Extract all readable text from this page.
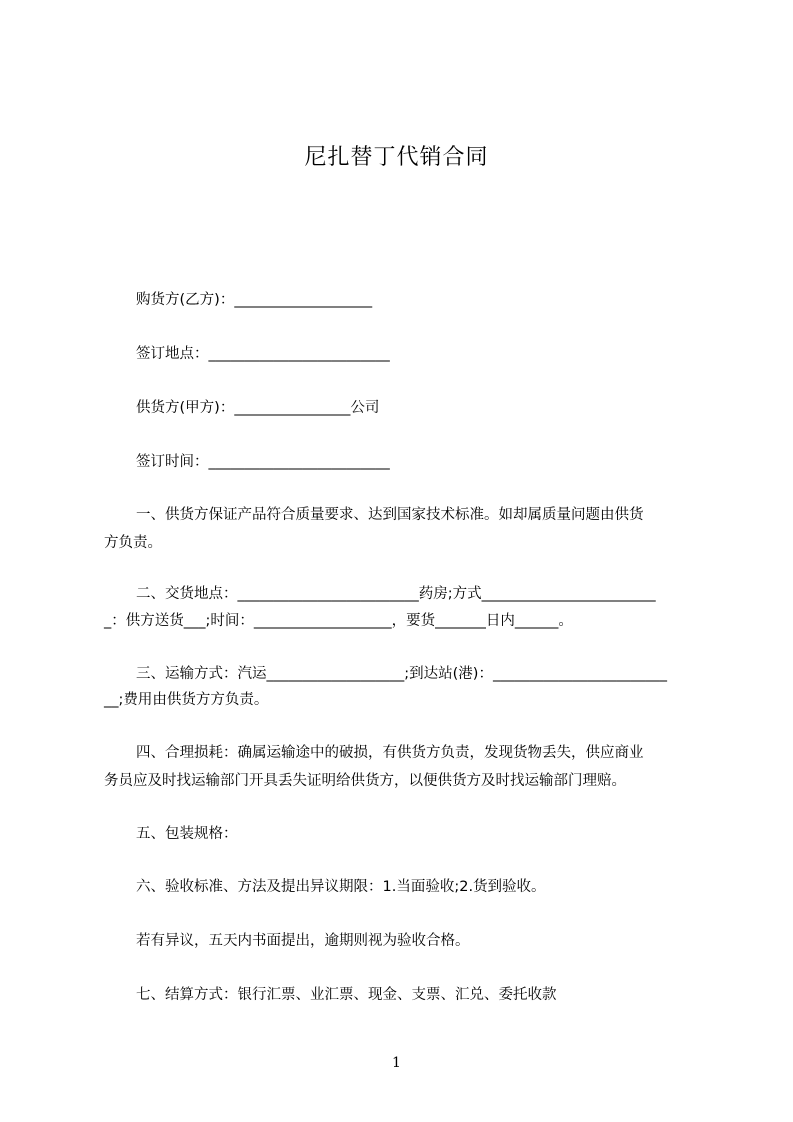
尼扎替丁代销合同
购货方(乙方)：___________________
签订地点：_________________________
供货方(甲方)：________________公司
签订时间：_________________________
一、供货方保证产品符合质量要求、达到国家技术标准。如却属质量问题由供货
方负责。
二、交货地点：_________________________药房;方式________________________
_：供方送货___;时间：___________________，要货_______日内______。
三、运输方式：汽运___________________;到达站(港)：________________________
__;费用由供货方方负责。
四、合理损耗：确属运输途中的破损，有供货方负责，发现货物丢失，供应商业
务员应及时找运输部门开具丢失证明给供货方，以便供货方及时找运输部门理赔。
五、包装规格：
六、验收标准、方法及提出异议期限：1.当面验收;2.货到验收。
若有异议，五天内书面提出，逾期则视为验收合格。
七、结算方式：银行汇票、业汇票、现金、支票、汇兑、委托收款
1
